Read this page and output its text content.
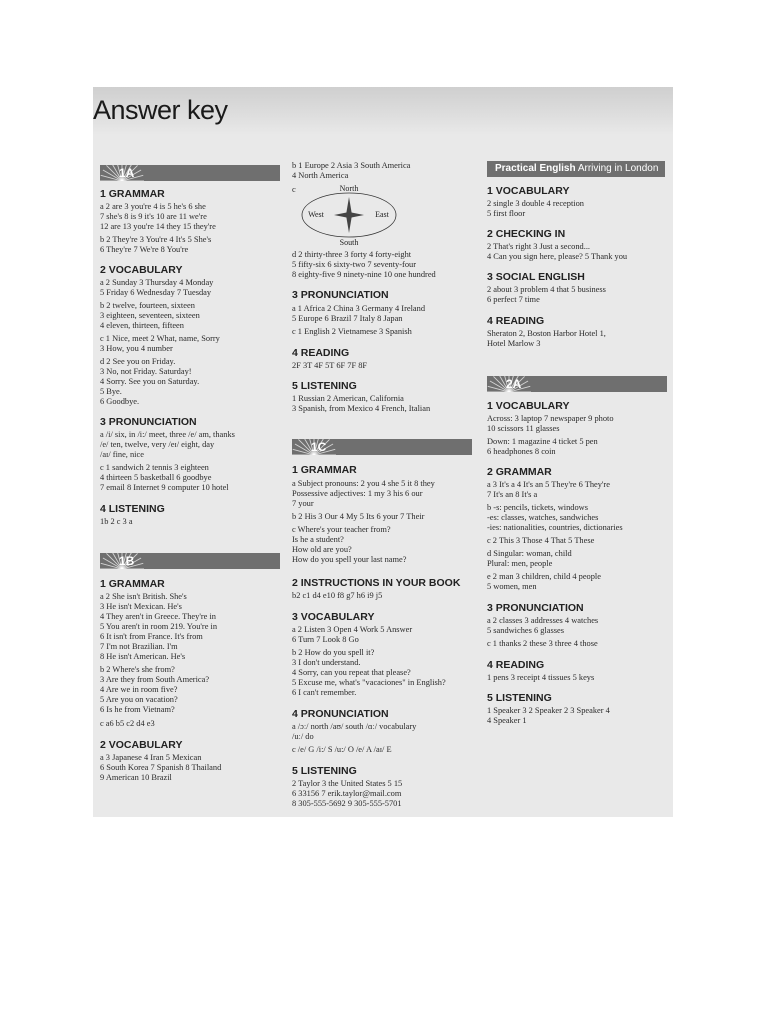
Answer key
1A
1 GRAMMAR
a 2 are 3 you're 4 is 5 he's 6 she
7 she's 8 is 9 it's 10 are 11 we're
12 are 13 you're 14 they 15 they're
b 2 They're 3 You're 4 It's 5 She's
6 They're 7 We're 8 You're
2 VOCABULARY
a 2 Sunday 3 Thursday 4 Monday
5 Friday 6 Wednesday 7 Tuesday
b 2 twelve, fourteen, sixteen
3 eighteen, seventeen, sixteen
4 eleven, thirteen, fifteen
c 1 Nice, meet 2 What, name, Sorry
3 How, you 4 number
d 2 See you on Friday.
3 No, not Friday. Saturday!
4 Sorry. See you on Saturday.
5 Bye.
6 Goodbye.
3 PRONUNCIATION
a /i/ six, in /i:/ meet, three /e/ am, thanks
/e/ ten, twelve, very /eɪ/ eight, day
/aɪ/ fine, nice
c 1 sandwich 2 tennis 3 eighteen
4 thirteen 5 basketball 6 goodbye
7 email 8 Internet 9 computer 10 hotel
4 LISTENING
1b 2 c 3 a
1B
1 GRAMMAR
a 2 She isn't British. She's
3 He isn't Mexican. He's
4 They aren't in Greece. They're in
5 You aren't in room 219. You're in
6 It isn't from France. It's from
7 I'm not Brazilian. I'm
8 He isn't American. He's
b 2 Where's she from?
3 Are they from South America?
4 Are we in room five?
5 Are you on vacation?
6 Is he from Vietnam?
c a6 b5 c2 d4 e3
2 VOCABULARY
a 3 Japanese 4 Iran 5 Mexican
6 South Korea 7 Spanish 8 Thailand
9 American 10 Brazil
b 1 Europe 2 Asia 3 South America
4 North America
c	North
South
West	East
d 2 thirty-three 3 forty 4 forty-eight
5 fifty-six 6 sixty-two 7 seventy-four
8 eighty-five 9 ninety-nine 10 one hundred
3 PRONUNCIATION
a 1 Africa 2 China 3 Germany 4 Ireland
5 Europe 6 Brazil 7 Italy 8 Japan
c 1 English 2 Vietnamese 3 Spanish
4 READING
2F 3T 4F 5T 6F 7F 8F
5 LISTENING
1 Russian 2 American, California
3 Spanish, from Mexico 4 French, Italian
1C
1 GRAMMAR
a Subject pronouns: 2 you 4 she 5 it 8 they
Possessive adjectives: 1 my 3 his 6 our
7 your
b 2 His 3 Our 4 My 5 Its 6 your 7 Their
c Where's your teacher from?
Is he a student?
How old are you?
How do you spell your last name?
2 INSTRUCTIONS IN YOUR BOOK
b2 c1 d4 e10 f8 g7 h6 i9 j5
3 VOCABULARY
a 2 Listen 3 Open 4 Work 5 Answer
6 Turn 7 Look 8 Go
b 2 How do you spell it?
3 I don't understand.
4 Sorry, can you repeat that please?
5 Excuse me, what's "vacaciones" in English?
6 I can't remember.
4 PRONUNCIATION
a /ɔː/ north /aʊ/ south /ɑː/ vocabulary
/uː/ do
c /e/ G /i:/ S /u:/ O /e/ A /aɪ/ E
5 LISTENING
2 Taylor 3 the United States 5 15
6 33156 7 erik.taylor@mail.com
8 305-555-5692 9 305-555-5701
Practical English Arriving in London
1 VOCABULARY
2 single 3 double 4 reception
5 first floor
2 CHECKING IN
2 That's right 3 Just a second...
4 Can you sign here, please? 5 Thank you
3 SOCIAL ENGLISH
2 about 3 problem 4 that 5 business
6 perfect 7 time
4 READING
Sheraton 2, Boston Harbor Hotel 1,
Hotel Marlow 3
2A
1 VOCABULARY
Across: 3 laptop 7 newspaper 9 photo
10 scissors 11 glasses
Down: 1 magazine 4 ticket 5 pen
6 headphones 8 coin
2 GRAMMAR
a 3 It's a 4 It's an 5 They're 6 They're
7 It's an 8 It's a
b -s: pencils, tickets, windows
-es: classes, watches, sandwiches
-ies: nationalities, countries, dictionaries
c 2 This 3 Those 4 That 5 These
d Singular: woman, child
Plural: men, people
e 2 man 3 children, child 4 people
5 women, men
3 PRONUNCIATION
a 2 classes 3 addresses 4 watches
5 sandwiches 6 glasses
c 1 thanks 2 these 3 three 4 those
4 READING
1 pens 3 receipt 4 tissues 5 keys
5 LISTENING
1 Speaker 3 2 Speaker 2 3 Speaker 4
4 Speaker 1
